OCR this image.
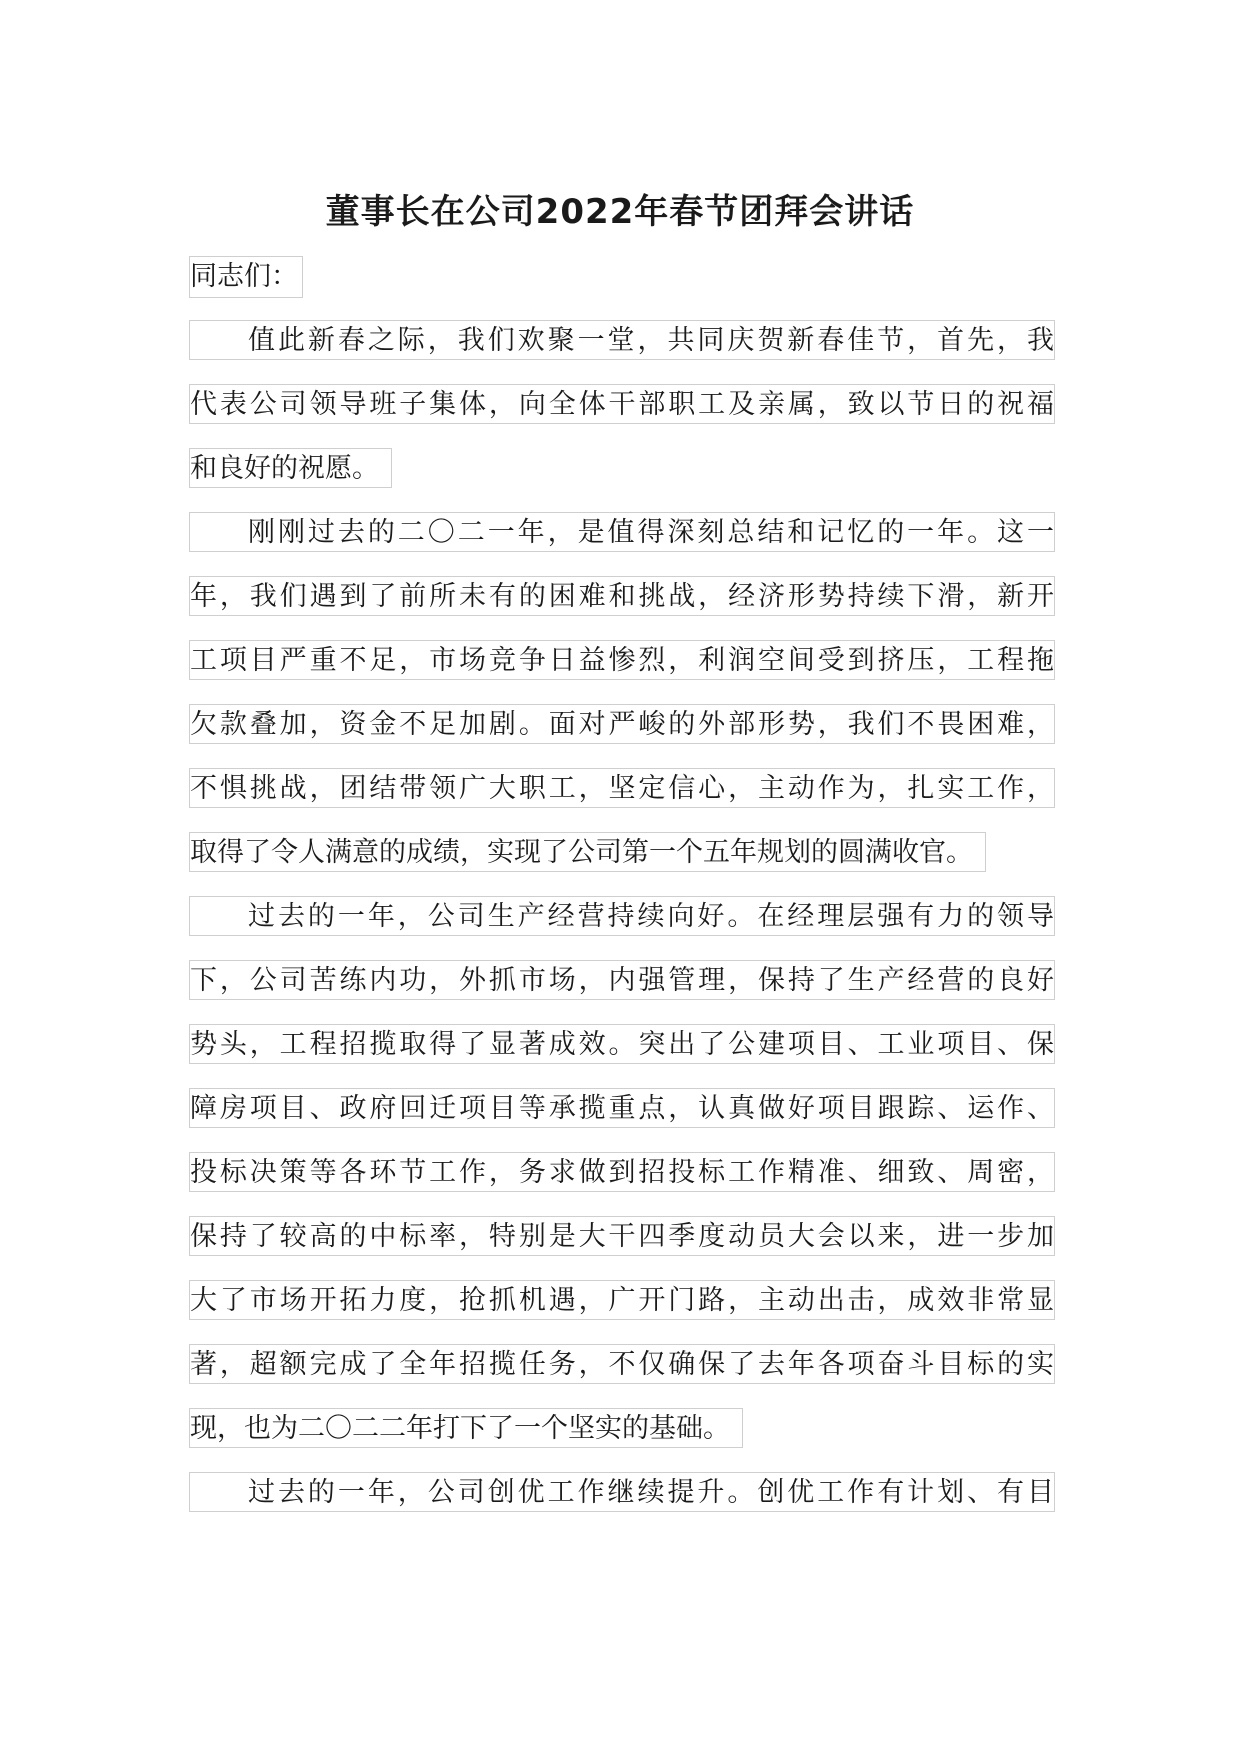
董事长在公司2022年春节团拜会讲话
同志们：
值此新春之际，我们欢聚一堂，共同庆贺新春佳节，首先，我
代表公司领导班子集体，向全体干部职工及亲属，致以节日的祝福
和良好的祝愿。
刚刚过去的二〇二一年，是值得深刻总结和记忆的一年。这一
年，我们遇到了前所未有的困难和挑战，经济形势持续下滑，新开
工项目严重不足，市场竞争日益惨烈，利润空间受到挤压，工程拖
欠款叠加，资金不足加剧。面对严峻的外部形势，我们不畏困难，
不惧挑战，团结带领广大职工，坚定信心，主动作为，扎实工作，
取得了令人满意的成绩，实现了公司第一个五年规划的圆满收官。
过去的一年，公司生产经营持续向好。在经理层强有力的领导
下，公司苦练内功，外抓市场，内强管理，保持了生产经营的良好
势头，工程招揽取得了显著成效。突出了公建项目、工业项目、保
障房项目、政府回迁项目等承揽重点，认真做好项目跟踪、运作、
投标决策等各环节工作，务求做到招投标工作精准、细致、周密，
保持了较高的中标率，特别是大干四季度动员大会以来，进一步加
大了市场开拓力度，抢抓机遇，广开门路，主动出击，成效非常显
著，超额完成了全年招揽任务，不仅确保了去年各项奋斗目标的实
现，也为二〇二二年打下了一个坚实的基础。
过去的一年，公司创优工作继续提升。创优工作有计划、有目
